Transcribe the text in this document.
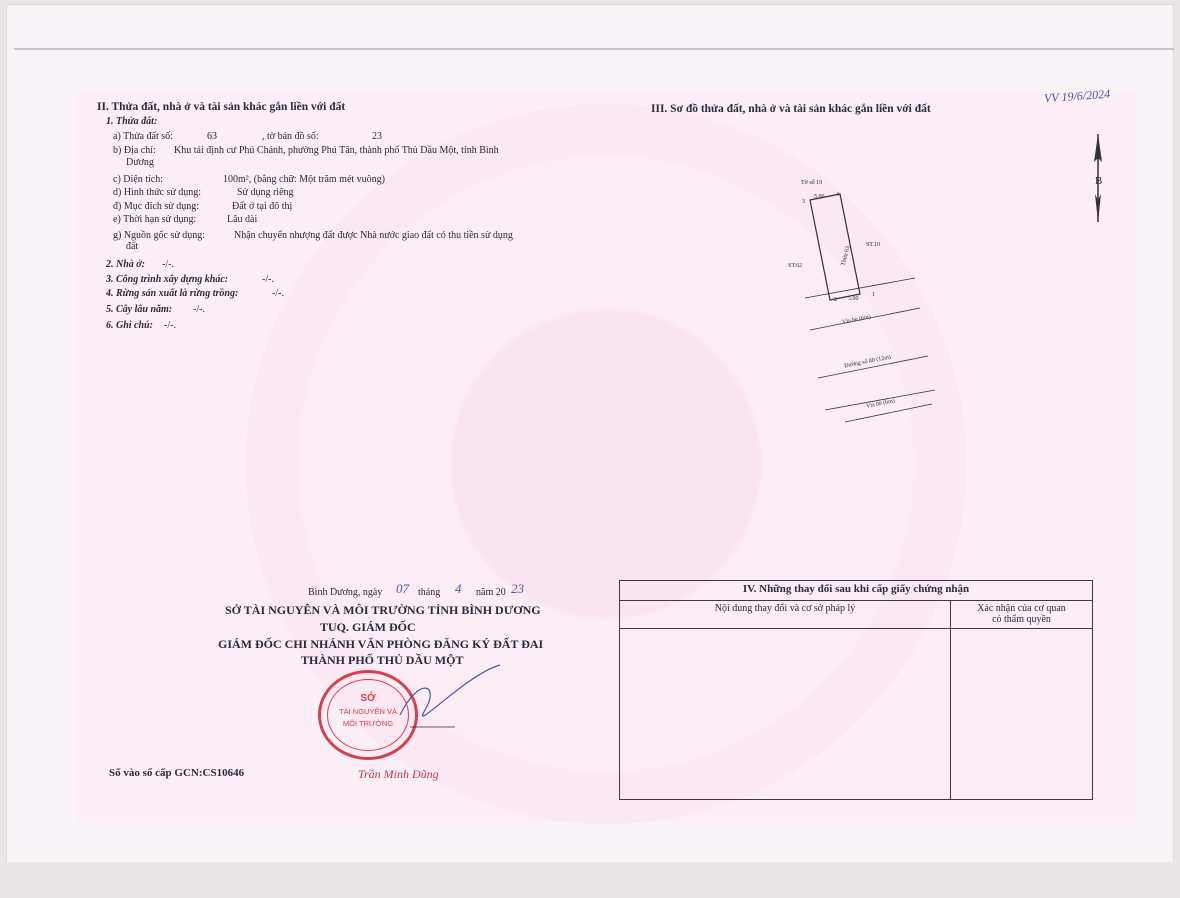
II. Thửa đất, nhà ở và tài sản khác gắn liền với đất
1. Thửa đất:
a) Thửa đất số:	63	, tờ bản đồ số:	23
b) Địa chỉ: Khu tái định cư Phú Chánh, phường Phú Tân, thành phố Thủ Dầu Một, tỉnh Bình
Dương
c) Diện tích:	100m², (bằng chữ: Một trăm mét vuông)
d) Hình thức sử dụng:	Sử dụng riêng
đ) Mục đích sử dụng:	Đất ở tại đô thị
e) Thời hạn sử dụng:	Lâu dài
g) Nguồn gốc sử dụng:	Nhận chuyển nhượng đất được Nhà nước giao đất có thu tiền sử dụng
đất
2. Nhà ở: -/-.
3. Công trình xây dựng khác:	-/-.
4. Rừng sản xuất là rừng trồng:	-/-.
5. Cây lâu năm: -/-.
6. Ghi chú: -/-.
III. Sơ đồ thửa đất, nhà ở và tài sản khác gắn liền với đất
VV 19/6/2024
B
Tờ số 19
5.00
3
4
ST.62
ST.10
Thửa 63
2 5.00
1
Vỉa hè (6m)
Đường số 80 (12m)
Vỉa hè (6m)
Bình Dương, ngày 07 tháng 4 năm 20 23
SỞ TÀI NGUYÊN VÀ MÔI TRƯỜNG TỈNH BÌNH DƯƠNG
TUQ. GIÁM ĐỐC
GIÁM ĐỐC CHI NHÁNH VĂN PHÒNG ĐĂNG KÝ ĐẤT ĐAI
THÀNH PHỐ THỦ DẦU MỘT
SỞ
TÀI NGUYÊN VÀ
MÔI TRƯỜNG
Trần Minh Dũng
Số vào sổ cấp GCN:CS10646
IV. Những thay đổi sau khi cấp giấy chứng nhận	
Nội dung thay đổi và cơ sở pháp lý	Xác nhận của cơ quan
có thẩm quyền
